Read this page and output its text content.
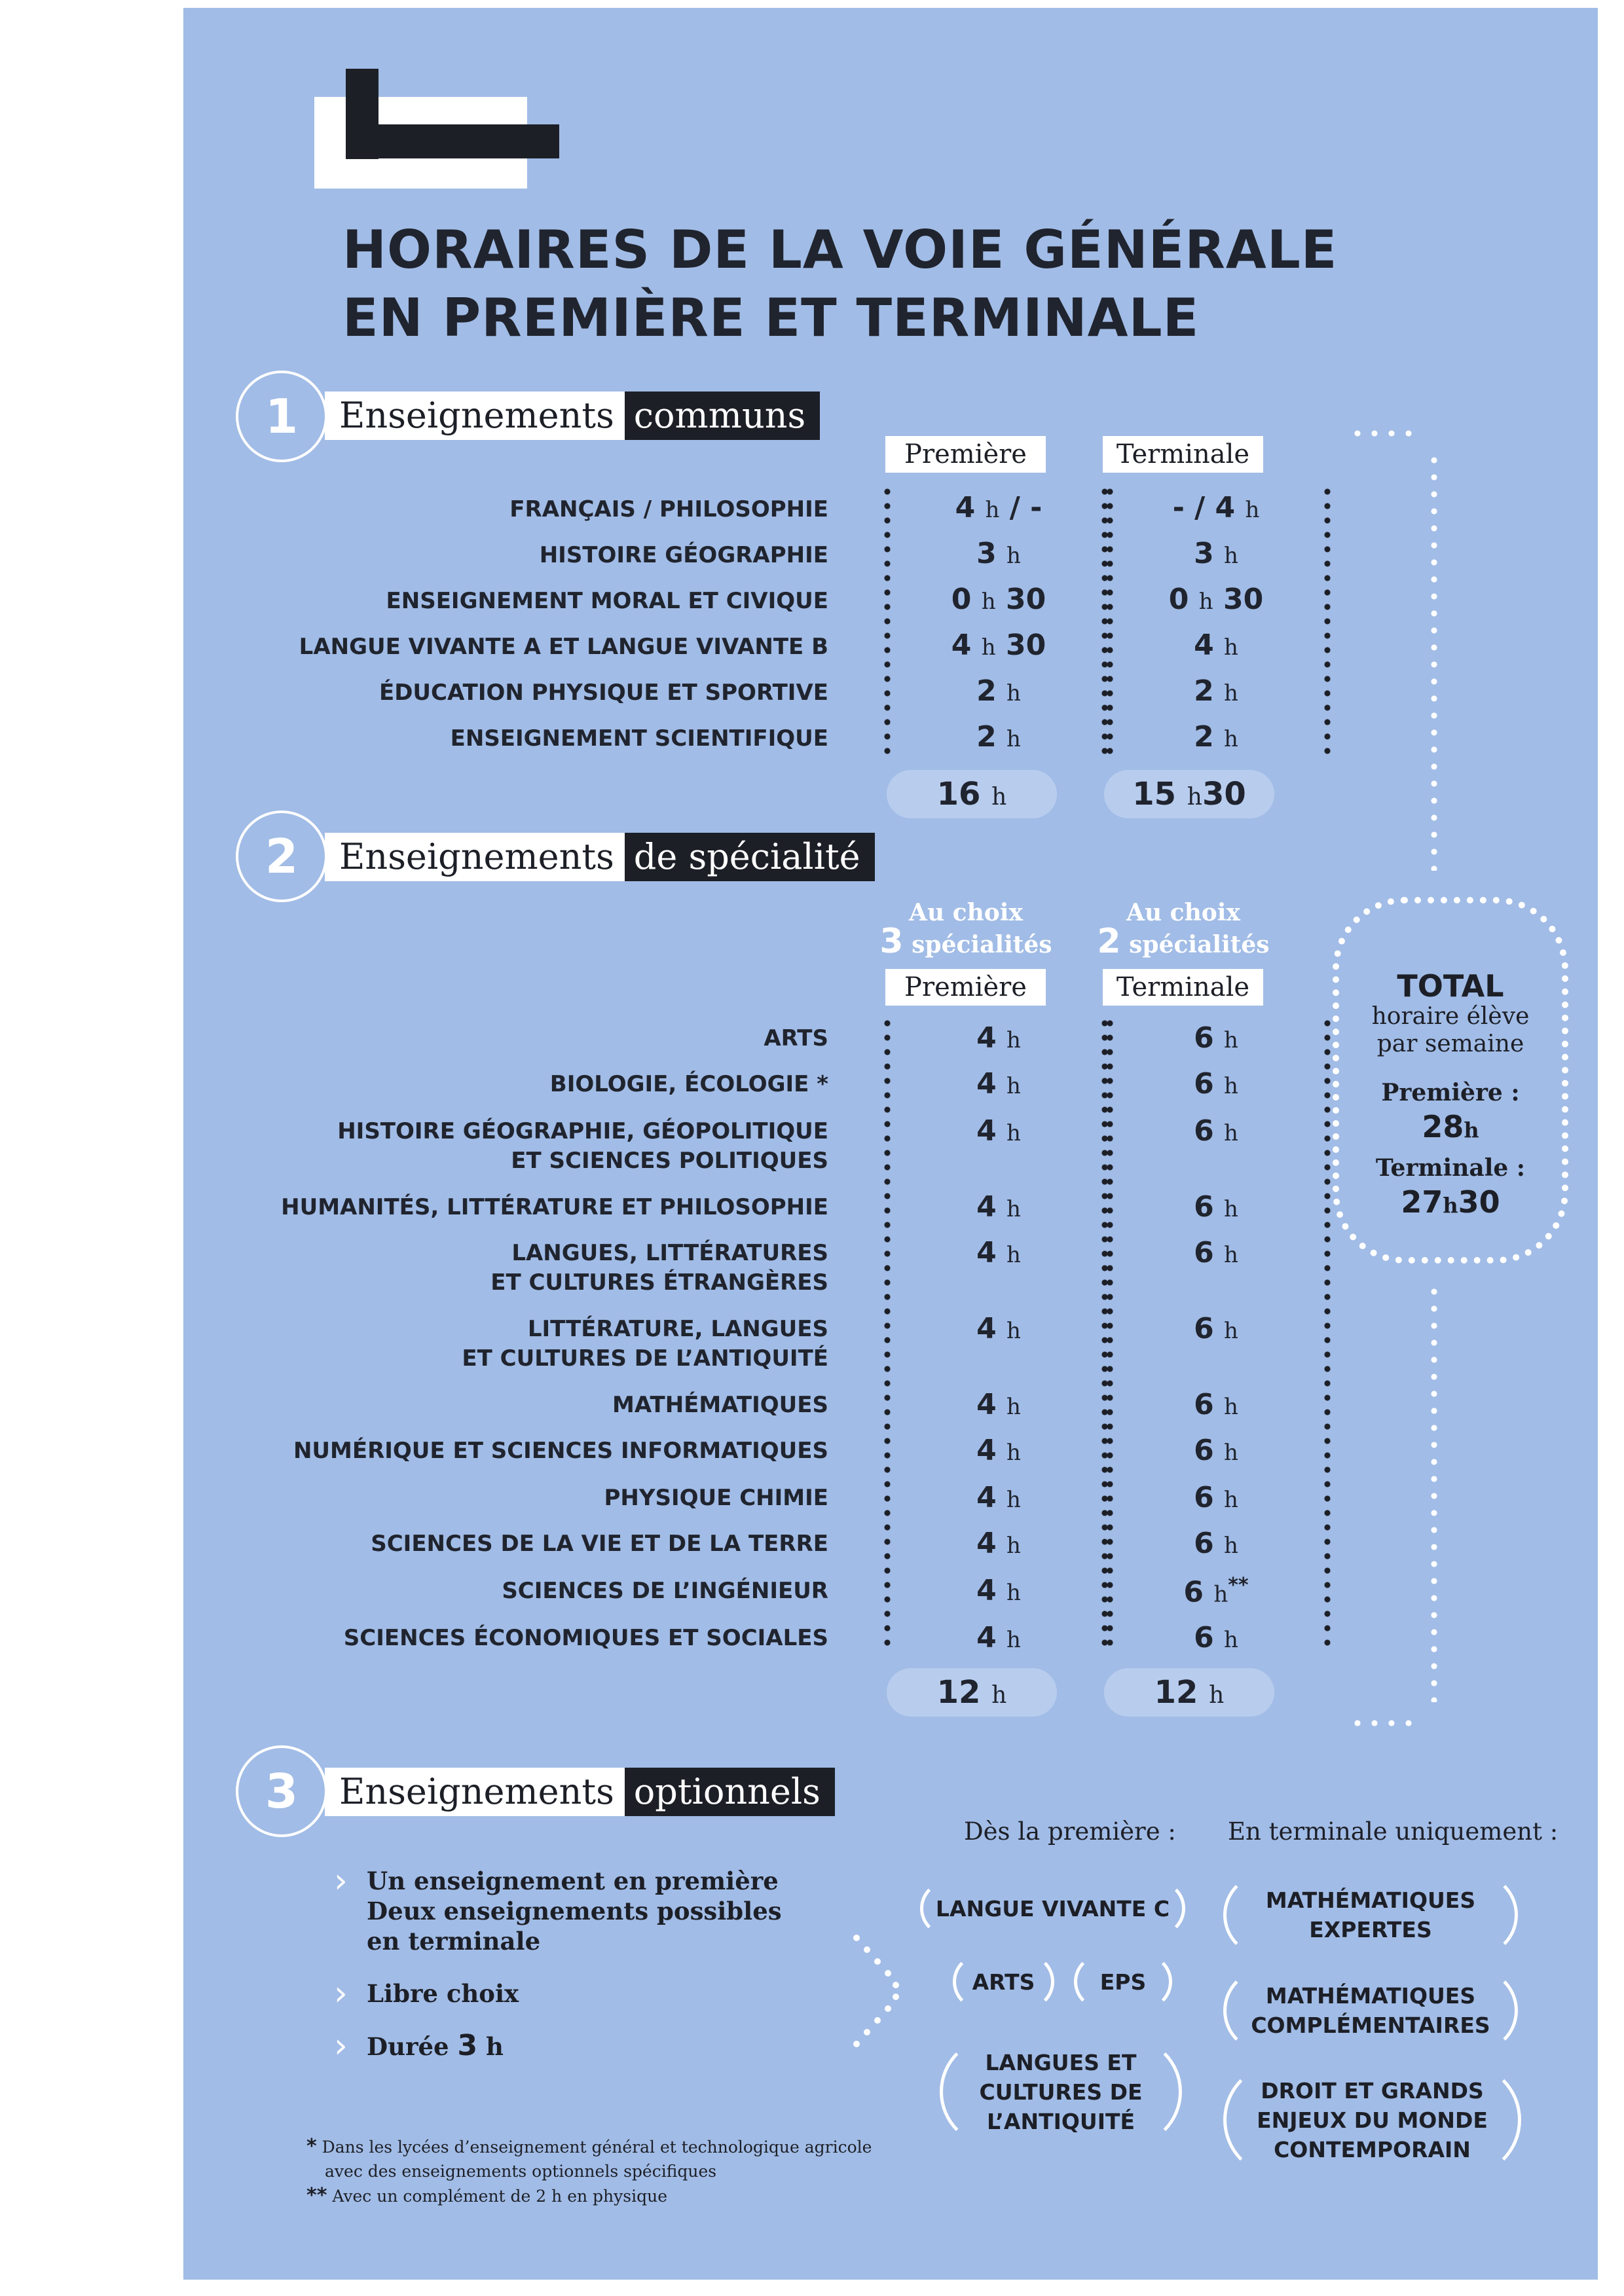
HORAIRES DE LA VOIE GÉNÉRALE
EN PREMIÈRE ET TERMINALE
1	Enseignements communs
Première	Terminale
FRANÇAIS / PHILOSOPHIE	4 h / -	- / 4 h
HISTOIRE GÉOGRAPHIE	3 h	3 h
ENSEIGNEMENT MORAL ET CIVIQUE	0 h 30	0 h 30
LANGUE VIVANTE A ET LANGUE VIVANTE B	4 h 30	4 h
ÉDUCATION PHYSIQUE ET SPORTIVE	2 h	2 h
ENSEIGNEMENT SCIENTIFIQUE	2 h	2 h
16 h	15 h30
2	Enseignements de spécialité
Au choix
3 spécialités
Au choix
2 spécialités
Première	Terminale
ARTS	4 h	6 h
BIOLOGIE, ÉCOLOGIE *	4 h	6 h
HISTOIRE GÉOGRAPHIE, GÉOPOLITIQUE
ET SCIENCES POLITIQUES
4 h	6 h
HUMANITÉS, LITTÉRATURE ET PHILOSOPHIE	4 h	6 h
LANGUES, LITTÉRATURES
ET CULTURES ÉTRANGÈRES
4 h	6 h
LITTÉRATURE, LANGUES
ET CULTURES DE L’ANTIQUITÉ
4 h	6 h
MATHÉMATIQUES	4 h	6 h
NUMÉRIQUE ET SCIENCES INFORMATIQUES	4 h	6 h
PHYSIQUE CHIMIE	4 h	6 h
SCIENCES DE LA VIE ET DE LA TERRE	4 h	6 h
SCIENCES DE L’INGÉNIEUR	4 h	6 h**
SCIENCES ÉCONOMIQUES ET SOCIALES	4 h	6 h
12 h	12 h
TOTAL
horaire élève
par semaine
Première :
28h
Terminale :
27h30
3	Enseignements optionnels
› Un enseignement en première
Deux enseignements possibles
en terminale
› Libre choix
› Durée 3 h
Dès la première : En terminale uniquement :
LANGUE VIVANTE C
ARTS	EPS
LANGUES ET
CULTURES DE
L’ANTIQUITÉ
MATHÉMATIQUES
EXPERTES
MATHÉMATIQUES
COMPLÉMENTAIRES
DROIT ET GRANDS
ENJEUX DU MONDE
CONTEMPORAIN
* Dans les lycées d’enseignement général et technologique agricole
avec des enseignements optionnels spécifiques
** Avec un complément de 2 h en physique
